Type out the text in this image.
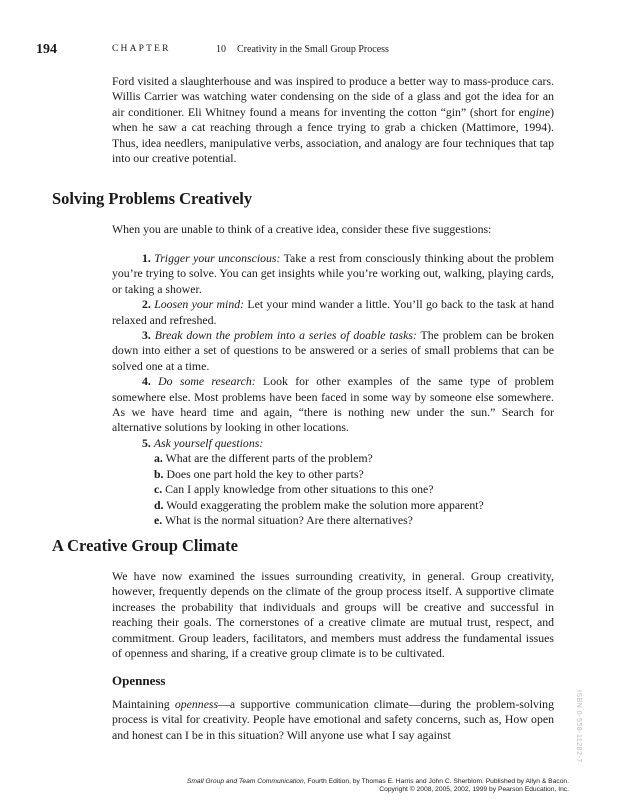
194	CHAPTER	10 Creativity in the Small Group Process

Ford visited a slaughterhouse and was inspired to produce a better way to mass-produce cars. Willis Carrier was watching water condensing on the side of a glass and got the idea for an air conditioner. Eli Whitney found a means for inventing the cotton “gin” (short for engine) when he saw a cat reaching through a fence trying to grab a chicken (Mattimore, 1994). Thus, idea needlers, manipulative verbs, association, and analogy are four techniques that tap into our creative potential.

Solving Problems Creatively

When you are unable to think of a creative idea, consider these five suggestions:

1. Trigger your unconscious: Take a rest from consciously thinking about the problem you’re trying to solve. You can get insights while you’re working out, walking, playing cards, or taking a shower.

2. Loosen your mind: Let your mind wander a little. You’ll go back to the task at hand relaxed and refreshed.

3. Break down the problem into a series of doable tasks: The problem can be broken down into either a set of questions to be answered or a series of small problems that can be solved one at a time.

4. Do some research: Look for other examples of the same type of problem somewhere else. Most problems have been faced in some way by someone else somewhere. As we have heard time and again, “there is nothing new under the sun.” Search for alternative solutions by looking in other locations.

5. Ask yourself questions:

a. What are the different parts of the problem?

b. Does one part hold the key to other parts?

c. Can I apply knowledge from other situations to this one?

d. Would exaggerating the problem make the solution more apparent?

e. What is the normal situation? Are there alternatives?

A Creative Group Climate

We have now examined the issues surrounding creativity, in general. Group creativity, however, frequently depends on the climate of the group process itself. A supportive climate increases the probability that individuals and groups will be creative and successful in reaching their goals. The cornerstones of a creative climate are mutual trust, respect, and commitment. Group leaders, facilitators, and members must address the fundamental issues of openness and sharing, if a creative group climate is to be cultivated.

Openness

Maintaining openness—a supportive communication climate—during the problem-solving process is vital for creativity. People have emotional and safety concerns, such as, How open and honest can I be in this situation? Will anyone use what I say against	ISBN 0-558-11282-7
Small Group and Team Communication, Fourth Edition, by Thomas E. Harris and John C. Sherblom. Published by Allyn & Bacon.
Copyright © 2008, 2005, 2002, 1999 by Pearson Education, Inc.
